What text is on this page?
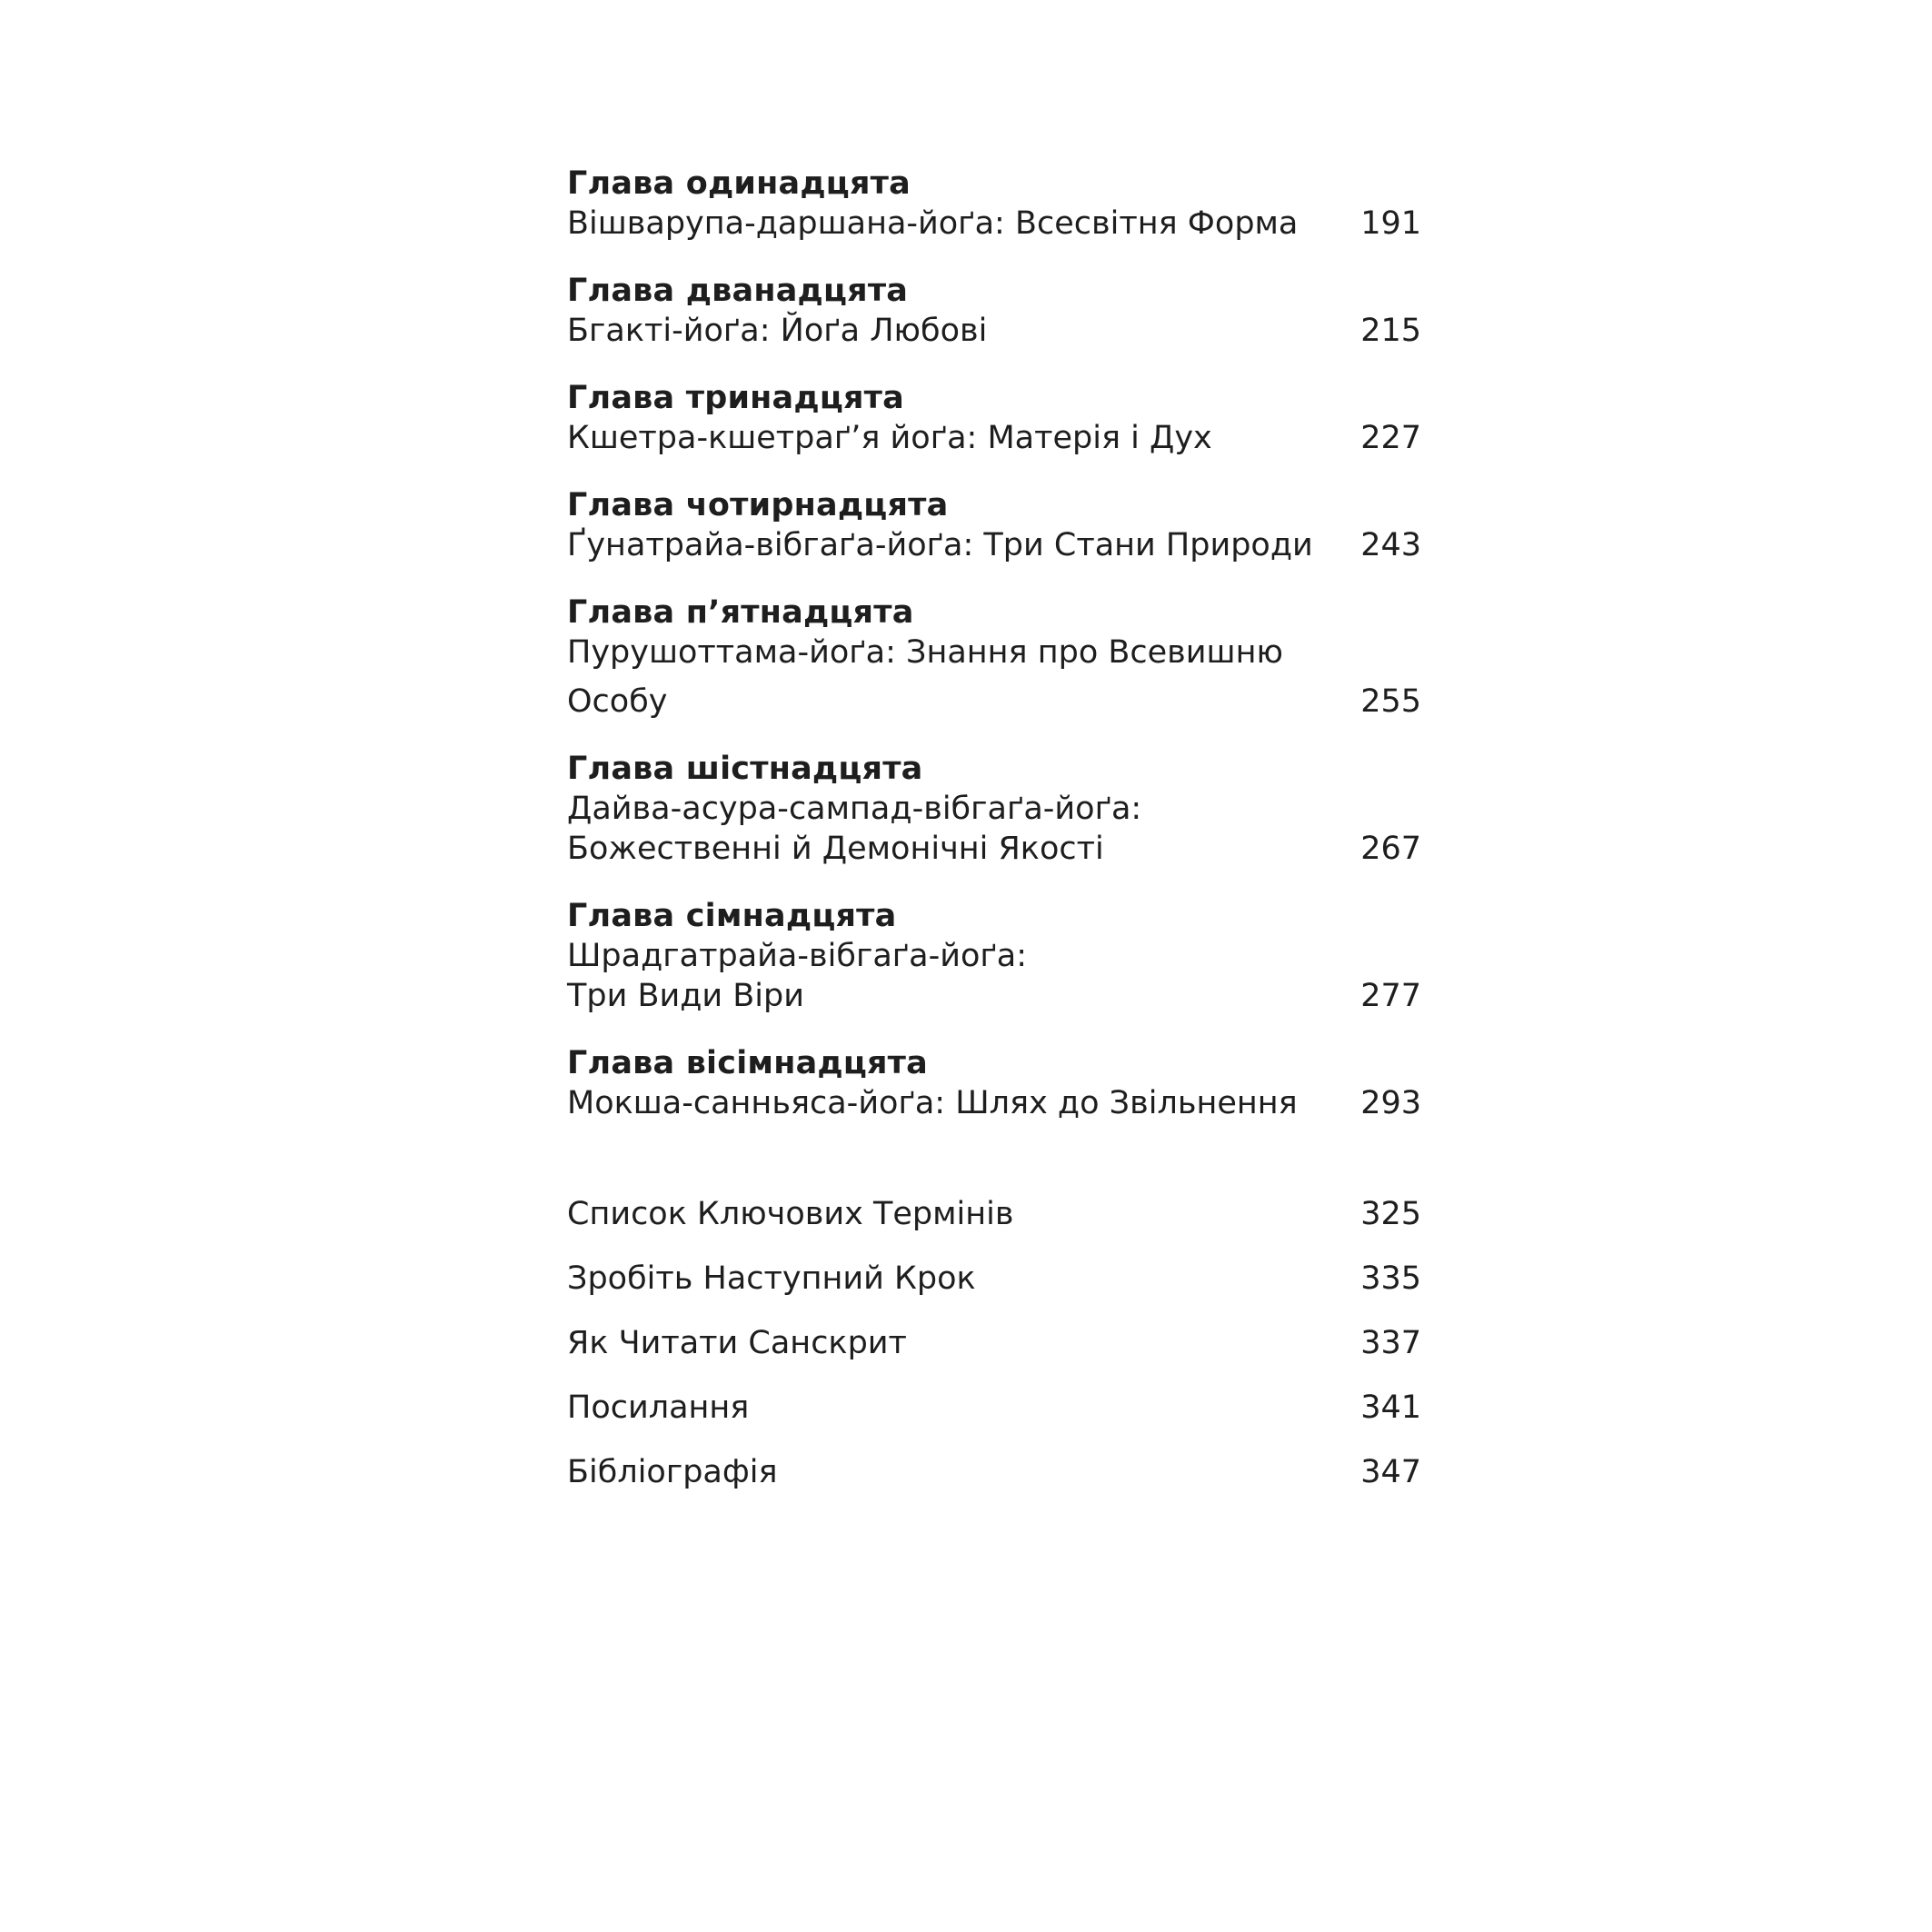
Глава одинадцята
Вішварупа-даршана-йоґа: Всесвітня Форма	191
Глава дванадцята
Бгакті-йоґа: Йоґа Любові	215
Глава тринадцята
Кшетра-кшетраґ’я йоґа: Матерія і Дух	227
Глава чотирнадцята
Ґунатрайа-вібгаґа-йоґа: Три Стани Природи	243
Глава п’ятнадцята
Пурушоттама-йоґа: Знання про Всевишню
Особу	255
Глава шістнадцята
Дайва-асура-сампад-вібгаґа-йоґа:
Божественні й Демонічні Якості	267
Глава сімнадцята
Шрадгатрайа-вібгаґа-йоґа:
Три Види Віри	277
Глава вісімнадцята
Мокша-санньяса-йоґа: Шлях до Звільнення	293
Список Ключових Термінів	325
Зробіть Наступний Крок	335
Як Читати Санскрит	337
Посилання	341
Бібліографія	347
